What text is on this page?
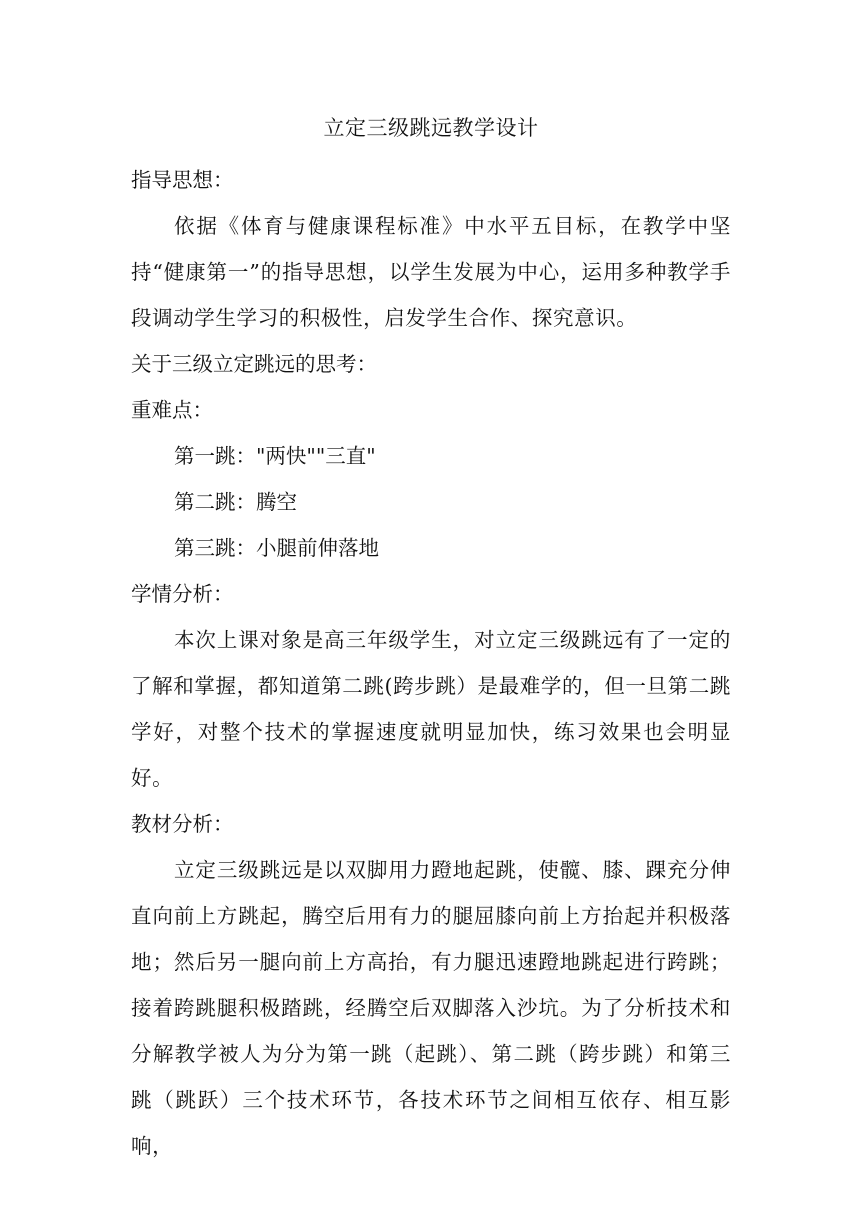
立定三级跳远教学设计
指导思想：
依据《体育与健康课程标准》中水平五目标，在教学中坚持“健康第一”的指导思想，以学生发展为中心，运用多种教学手段调动学生学习的积极性，启发学生合作、探究意识。
关于三级立定跳远的思考：
重难点：
第一跳："两快""三直"
第二跳：腾空
第三跳：小腿前伸落地
学情分析：
本次上课对象是高三年级学生，对立定三级跳远有了一定的了解和掌握，都知道第二跳(跨步跳）是最难学的，但一旦第二跳学好，对整个技术的掌握速度就明显加快，练习效果也会明显好。
教材分析：
立定三级跳远是以双脚用力蹬地起跳，使髋、膝、踝充分伸直向前上方跳起，腾空后用有力的腿屈膝向前上方抬起并积极落地；然后另一腿向前上方高抬，有力腿迅速蹬地跳起进行跨跳；接着跨跳腿积极踏跳，经腾空后双脚落入沙坑。为了分析技术和分解教学被人为分为第一跳（起跳）、第二跳（跨步跳）和第三跳（跳跃）三个技术环节，各技术环节之间相互依存、相互影响，
